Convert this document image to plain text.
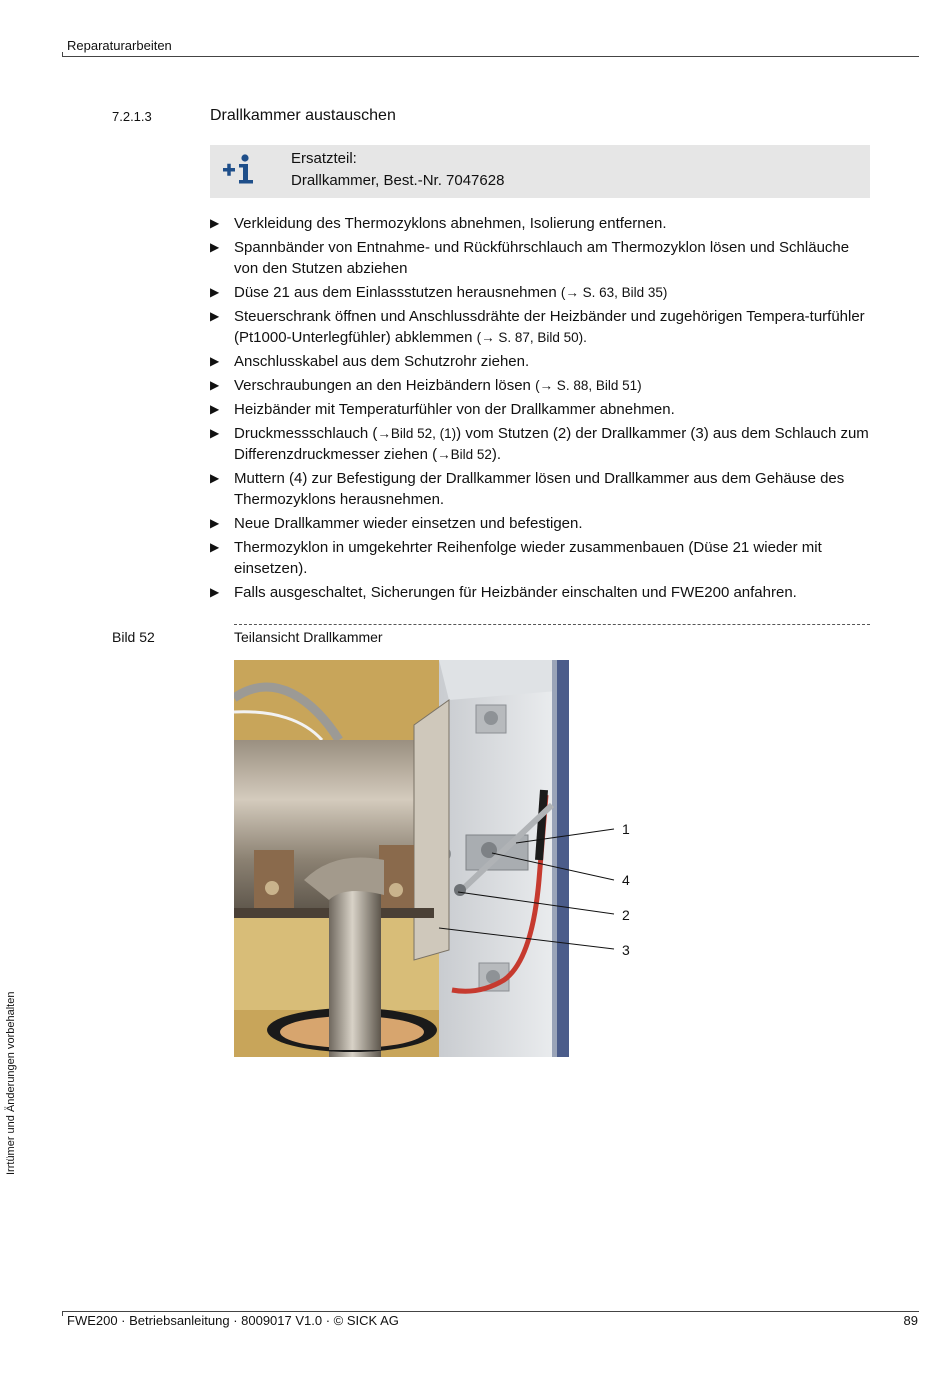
Reparaturarbeiten
7.2.1.3	Drallkammer austauschen
Ersatzteil:
Drallkammer, Best.-Nr. 7047628
▶ Verkleidung des Thermozyklons abnehmen, Isolierung entfernen.
▶ Spannbänder von Entnahme- und Rückführschlauch am Thermozyklon lösen und Schläuche von den Stutzen abziehen
▶ Düse 21 aus dem Einlassstutzen herausnehmen (→ S. 63, Bild 35)
▶ Steuerschrank öffnen und Anschlussdrähte der Heizbänder und zugehörigen Tempera-turfühler (Pt1000-Unterlegfühler) abklemmen (→ S. 87, Bild 50).
▶ Anschlusskabel aus dem Schutzrohr ziehen.
▶ Verschraubungen an den Heizbändern lösen (→ S. 88, Bild 51)
▶ Heizbänder mit Temperaturfühler von der Drallkammer abnehmen.
▶ Druckmessschlauch (→Bild 52, (1)) vom Stutzen (2) der Drallkammer (3) aus dem Schlauch zum Differenzdruckmesser ziehen (→Bild 52).
▶ Muttern (4) zur Befestigung der Drallkammer lösen und Drallkammer aus dem Gehäuse des Thermozyklons herausnehmen.
▶ Neue Drallkammer wieder einsetzen und befestigen.
▶ Thermozyklon in umgekehrter Reihenfolge wieder zusammenbauen (Düse 21 wieder mit einsetzen).
▶ Falls ausgeschaltet, Sicherungen für Heizbänder einschalten und FWE200 anfahren.
Bild 52	Teilansicht Drallkammer
1
4
2
3
Irrtümer und Änderungen vorbehalten
FWE200 · Betriebsanleitung · 8009017 V1.0 · © SICK AG	89
